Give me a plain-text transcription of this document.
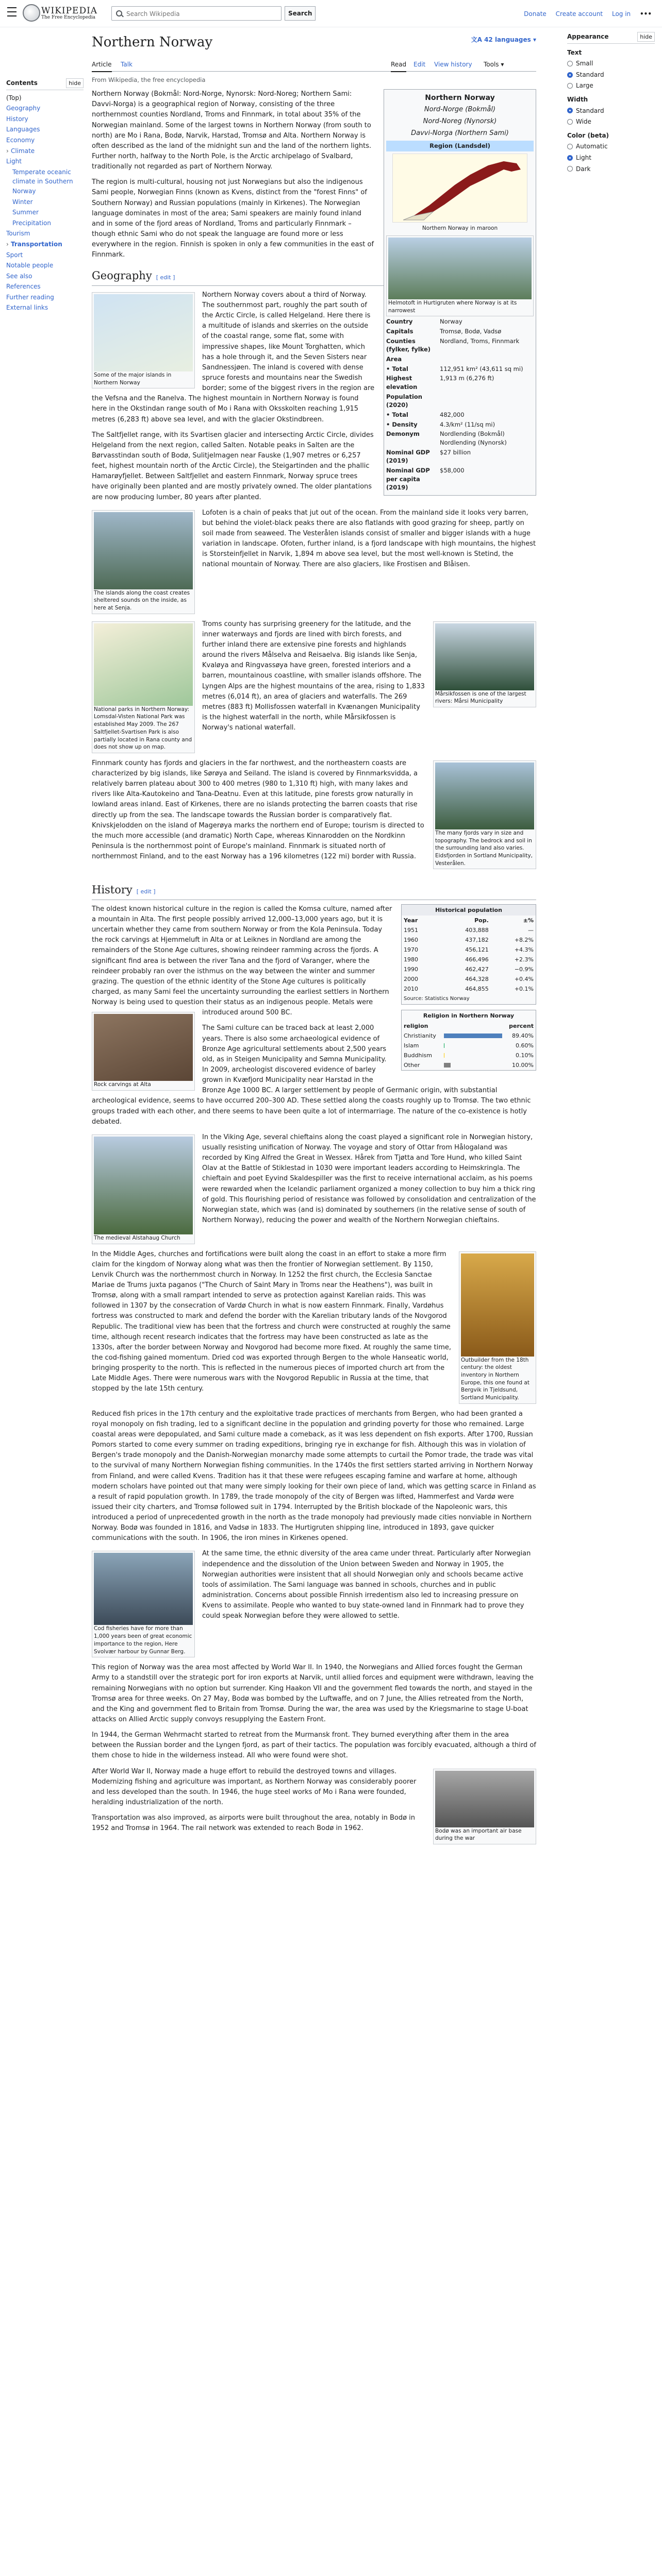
WIKIPEDIA
The Free Encyclopedia
Search Wikipedia
Search	Donate Create account Log in •••
Contents	hide
(Top)
Geography
History
Languages
Economy
› Climate
Light
Temperate oceanic climate in Southern Norway
Winter
Summer
Precipitation
Tourism
› Transportation
Sport
Notable people
See also
References
Further reading
External links
Appearance	hide
Text
Small
Standard
Large
Width
Standard
Wide
Color (beta)
Automatic
Light
Dark
Northern Norway	文A 42 languages ▾
Article Talk	Read Edit View history Tools ▾
From Wikipedia, the free encyclopedia
Northern Norway
Nord-Norge (Bokmål)
Nord-Noreg (Nynorsk)
Davvi-Norga (Northern Sami)
Region (Landsdel)
Northern Norway in maroon
Helmotoft in Hurtigruten where Norway is at its narrowest
Country	Norway
Capitals	Tromsø, Bodø, Vadsø
Counties (fylker, fylke)
Nordland, Troms, Finnmark
Area
• Total	112,951 km² (43,611 sq mi)
Highest elevation
1,913 m (6,276 ft)
Population (2020)
• Total	482,000
• Density	4.3/km² (11/sq mi)
Demonym	Nordlending (Bokmål) Nordlending (Nynorsk)
Nominal GDP (2019)
$27 billion
Nominal GDP per capita (2019)
$58,000

Northern Norway (Bokmål: Nord-Norge, Nynorsk: Nord-Noreg; Northern Sami: Davvi-Norga) is a geographical region of Norway, consisting of the three northernmost counties Nordland, Troms and Finnmark, in total about 35% of the Norwegian mainland. Some of the largest towns in Northern Norway (from south to north) are Mo i Rana, Bodø, Narvik, Harstad, Tromsø and Alta. Northern Norway is often described as the land of the midnight sun and the land of the northern lights. Further north, halfway to the North Pole, is the Arctic archipelago of Svalbard, traditionally not regarded as part of Northern Norway.

The region is multi-cultural, housing not just Norwegians but also the indigenous Sami people, Norwegian Finns (known as Kvens, distinct from the "forest Finns" of Southern Norway) and Russian populations (mainly in Kirkenes). The Norwegian language dominates in most of the area; Sami speakers are mainly found inland and in some of the fjord areas of Nordland, Troms and particularly Finnmark – though ethnic Sami who do not speak the language are found more or less everywhere in the region. Finnish is spoken in only a few communities in the east of Finnmark.

Geography [ edit ]
Some of the major islands in Northern Norway

Northern Norway covers about a third of Norway. The southernmost part, roughly the part south of the Arctic Circle, is called Helgeland. Here there is a multitude of islands and skerries on the outside of the coastal range, some flat, some with impressive shapes, like Mount Torghatten, which has a hole through it, and the Seven Sisters near Sandnessjøen. The inland is covered with dense spruce forests and mountains near the Swedish border; some of the biggest rivers in the region are the Vefsna and the Ranelva. The highest mountain in Northern Norway is found here in the Okstindan range south of Mo i Rana with Oksskolten reaching 1,915 metres (6,283 ft) above sea level, and with the glacier Okstindbreen.

The Saltfjellet range, with its Svartisen glacier and intersecting Arctic Circle, divides Helgeland from the next region, called Salten. Notable peaks in Salten are the Børvasstindan south of Bodø, Sulitjelmagen near Fauske (1,907 metres or 6,257 feet, highest mountain north of the Arctic Circle), the Steigartinden and the phallic Hamarøyfjellet. Between Saltfjellet and eastern Finnmark, Norway spruce trees have originally been planted and are mostly privately owned. The older plantations are now producing lumber, 80 years after planted.

The islands along the coast creates sheltered sounds on the inside, as here at Senja.

Lofoten is a chain of peaks that jut out of the ocean. From the mainland side it looks very barren, but behind the violet-black peaks there are also flatlands with good grazing for sheep, partly on soil made from seaweed. The Vesterålen islands consist of smaller and bigger islands with a huge variation in landscape. Ofoten, further inland, is a fjord landscape with high mountains, the highest is Storsteinfjellet in Narvik, 1,894 m above sea level, but the most well-known is Stetind, the national mountain of Norway. There are also glaciers, like Frostisen and Blåisen.

Mårsikfossen is one of the largest rivers: Mårsi Municipality
National parks in Northern Norway: Lomsdal-Visten National Park was established May 2009. The 267 Saltfjellet-Svartisen Park is also partially located in Rana county and does not show up on map.

Troms county has surprising greenery for the latitude, and the inner waterways and fjords are lined with birch forests, and further inland there are extensive pine forests and highlands around the rivers Målselva and Reisaelva. Big islands like Senja, Kvaløya and Ringvassøya have green, forested interiors and a barren, mountainous coastline, with smaller islands offshore. The Lyngen Alps are the highest mountains of the area, rising to 1,833 metres (6,014 ft), an area of glaciers and waterfalls. The 269 metres (883 ft) Mollisfossen waterfall in Kvænangen Municipality is the highest waterfall in the north, while Mårsikfossen is Norway's national waterfall.

The many fjords vary in size and topography. The bedrock and soil in the surrounding land also varies. Eidsfjorden in Sortland Municipality, Vesterålen.

Finnmark county has fjords and glaciers in the far northwest, and the northeastern coasts are characterized by big islands, like Sørøya and Seiland. The island is covered by Finnmarksvidda, a relatively barren plateau about 300 to 400 metres (980 to 1,310 ft) high, with many lakes and rivers like Alta-Kautokeino and Tana-Deatnu. Even at this latitude, pine forests grow naturally in lowland areas inland. East of Kirkenes, there are no islands protecting the barren coasts that rise directly up from the sea. The landscape towards the Russian border is comparatively flat. Knivskjelodden on the island of Magerøya marks the northern end of Europe; tourism is directed to the much more accessible (and dramatic) North Cape, whereas Kinnarodden on the Nordkinn Peninsula is the northernmost point of Europe's mainland. Finnmark is situated north of northernmost Finland, and to the east Norway has a 196 kilometres (122 mi) border with Russia.

History [ edit ]
Historical population
Year	Pop.	±%
1951	403,888	—
1960	437,182	+8.2%
1970	456,121	+4.3%
1980	466,496	+2.3%
1990	462,427	−0.9%
2000	464,328	+0.4%
2010	464,855	+0.1%
Source: Statistics Norway
Religion in Northern Norway
religion	percent
Christianity	89.40%
Islam	0.60%
Buddhism	0.10%
Other	10.00%
Rock carvings at Alta

The oldest known historical culture in the region is called the Komsa culture, named after a mountain in Alta. The first people possibly arrived 12,000–13,000 years ago, but it is uncertain whether they came from southern Norway or from the Kola Peninsula. Today the rock carvings at Hjemmeluft in Alta or at Leiknes in Nordland are among the remainders of the Stone Age cultures, showing reindeer ramming across the fjords. A significant find area is between the river Tana and the fjord of Varanger, where the reindeer probably ran over the isthmus on the way between the winter and summer grazing. The question of the ethnic identity of the Stone Age cultures is politically charged, as many Sami feel the uncertainty surrounding the earliest settlers in Northern Norway is being used to question their status as an indigenous people. Metals were introduced around 500 BC.

The Sami culture can be traced back at least 2,000 years. There is also some archaeological evidence of Bronze Age agricultural settlements about 2,500 years old, as in Steigen Municipality and Sømna Municipality. In 2009, archeologist discovered evidence of barley grown in Kvæfjord Municipality near Harstad in the Bronze Age 1000 BC. A larger settlement by people of Germanic origin, with substantial archeological evidence, seems to have occurred 200–300 AD. These settled along the coasts roughly up to Tromsø. The two ethnic groups traded with each other, and there seems to have been quite a lot of intermarriage. The nature of the co-existence is hotly debated.

The medieval Alstahaug Church

In the Viking Age, several chieftains along the coast played a significant role in Norwegian history, usually resisting unification of Norway. The voyage and story of Ottar from Hålogaland was recorded by King Alfred the Great in Wessex. Hårek from Tjøtta and Tore Hund, who killed Saint Olav at the Battle of Stiklestad in 1030 were important leaders according to Heimskringla. The chieftain and poet Eyvind Skaldespiller was the first to receive international acclaim, as his poems were rewarded when the Icelandic parliament organized a money collection to buy him a thick ring of gold. This flourishing period of resistance was followed by consolidation and centralization of the Norwegian state, which was (and is) dominated by southerners (in the relative sense of south of Northern Norway), reducing the power and wealth of the Northern Norwegian chieftains.

Outbuilder from the 18th century: the oldest inventory in Northern Europe, this one found at Bergvik in Tjeldsund, Sortland Municipality.

In the Middle Ages, churches and fortifications were built along the coast in an effort to stake a more firm claim for the kingdom of Norway along what was then the frontier of Norwegian settlement. By 1150, Lenvik Church was the northernmost church in Norway. In 1252 the first church, the Ecclesia Sanctae Mariae de Trums juxta paganos ("The Church of Saint Mary in Troms near the Heathens"), was built in Tromsø, along with a small rampart intended to serve as protection against Karelian raids. This was followed in 1307 by the consecration of Vardø Church in what is now eastern Finnmark. Finally, Vardøhus fortress was constructed to mark and defend the border with the Karelian tributary lands of the Novgorod Republic. The traditional view has been that the fortress and church were constructed at roughly the same time, although recent research indicates that the fortress may have been constructed as late as the 1330s, after the border between Norway and Novgorod had become more fixed. At roughly the same time, the cod-fishing gained momentum. Dried cod was exported through Bergen to the whole Hanseatic world, bringing prosperity to the north. This is reflected in the numerous pieces of imported church art from the Late Middle Ages. There were numerous wars with the Novgorod Republic in Russia at the time, that stopped by the late 15th century.

Reduced fish prices in the 17th century and the exploitative trade practices of merchants from Bergen, who had been granted a royal monopoly on fish trading, led to a significant decline in the population and grinding poverty for those who remained. Large coastal areas were depopulated, and Sami culture made a comeback, as it was less dependent on fish exports. After 1700, Russian Pomors started to come every summer on trading expeditions, bringing rye in exchange for fish. Although this was in violation of Bergen's trade monopoly and the Danish-Norwegian monarchy made some attempts to curtail the Pomor trade, the trade was vital to the survival of many Northern Norwegian fishing communities. In the 1740s the first settlers started arriving in Northern Norway from Finland, and were called Kvens. Tradition has it that these were refugees escaping famine and warfare at home, although modern scholars have pointed out that many were simply looking for their own piece of land, which was getting scarce in Finland as a result of rapid population growth. In 1789, the trade monopoly of the city of Bergen was lifted, Hammerfest and Vardø were issued their city charters, and Tromsø followed suit in 1794. Interrupted by the British blockade of the Napoleonic wars, this introduced a period of unprecedented growth in the north as the trade monopoly had previously made cities nonviable in Northern Norway. Bodø was founded in 1816, and Vadsø in 1833. The Hurtigruten shipping line, introduced in 1893, gave quicker communications with the south. In 1906, the iron mines in Kirkenes opened.

Cod fisheries have for more than 1,000 years been of great economic importance to the region, Here Svolvær harbour by Gunnar Berg.

At the same time, the ethnic diversity of the area came under threat. Particularly after Norwegian independence and the dissolution of the Union between Sweden and Norway in 1905, the Norwegian authorities were insistent that all should Norwegian only and schools became active tools of assimilation. The Sami language was banned in schools, churches and in public administration. Concerns about possible Finnish irredentism also led to increasing pressure on Kvens to assimilate. People who wanted to buy state-owned land in Finnmark had to prove they could speak Norwegian before they were allowed to settle.

This region of Norway was the area most affected by World War II. In 1940, the Norwegians and Allied forces fought the German Army to a standstill over the strategic port for iron exports at Narvik, until allied forces and equipment were withdrawn, leaving the remaining Norwegians with no option but surrender. King Haakon VII and the government fled towards the north, and stayed in the Tromsø area for three weeks. On 27 May, Bodø was bombed by the Luftwaffe, and on 7 June, the Allies retreated from the North, and the King and government fled to Britain from Tromsø. During the war, the area was used by the Kriegsmarine to stage U-boat attacks on Allied Arctic supply convoys resupplying the Eastern Front.

In 1944, the German Wehrmacht started to retreat from the Murmansk front. They burned everything after them in the area between the Russian border and the Lyngen fjord, as part of their tactics. The population was forcibly evacuated, although a third of them chose to hide in the wilderness instead. All who were found were shot.

Bodø was an important air base during the war

After World War II, Norway made a huge effort to rebuild the destroyed towns and villages. Modernizing fishing and agriculture was important, as Northern Norway was considerably poorer and less developed than the south. In 1946, the huge steel works of Mo i Rana were founded, heralding industrialization of the north.

Transportation was also improved, as airports were built throughout the area, notably in Bodø in 1952 and Tromsø in 1964. The rail network was extended to reach Bodø in 1962.
